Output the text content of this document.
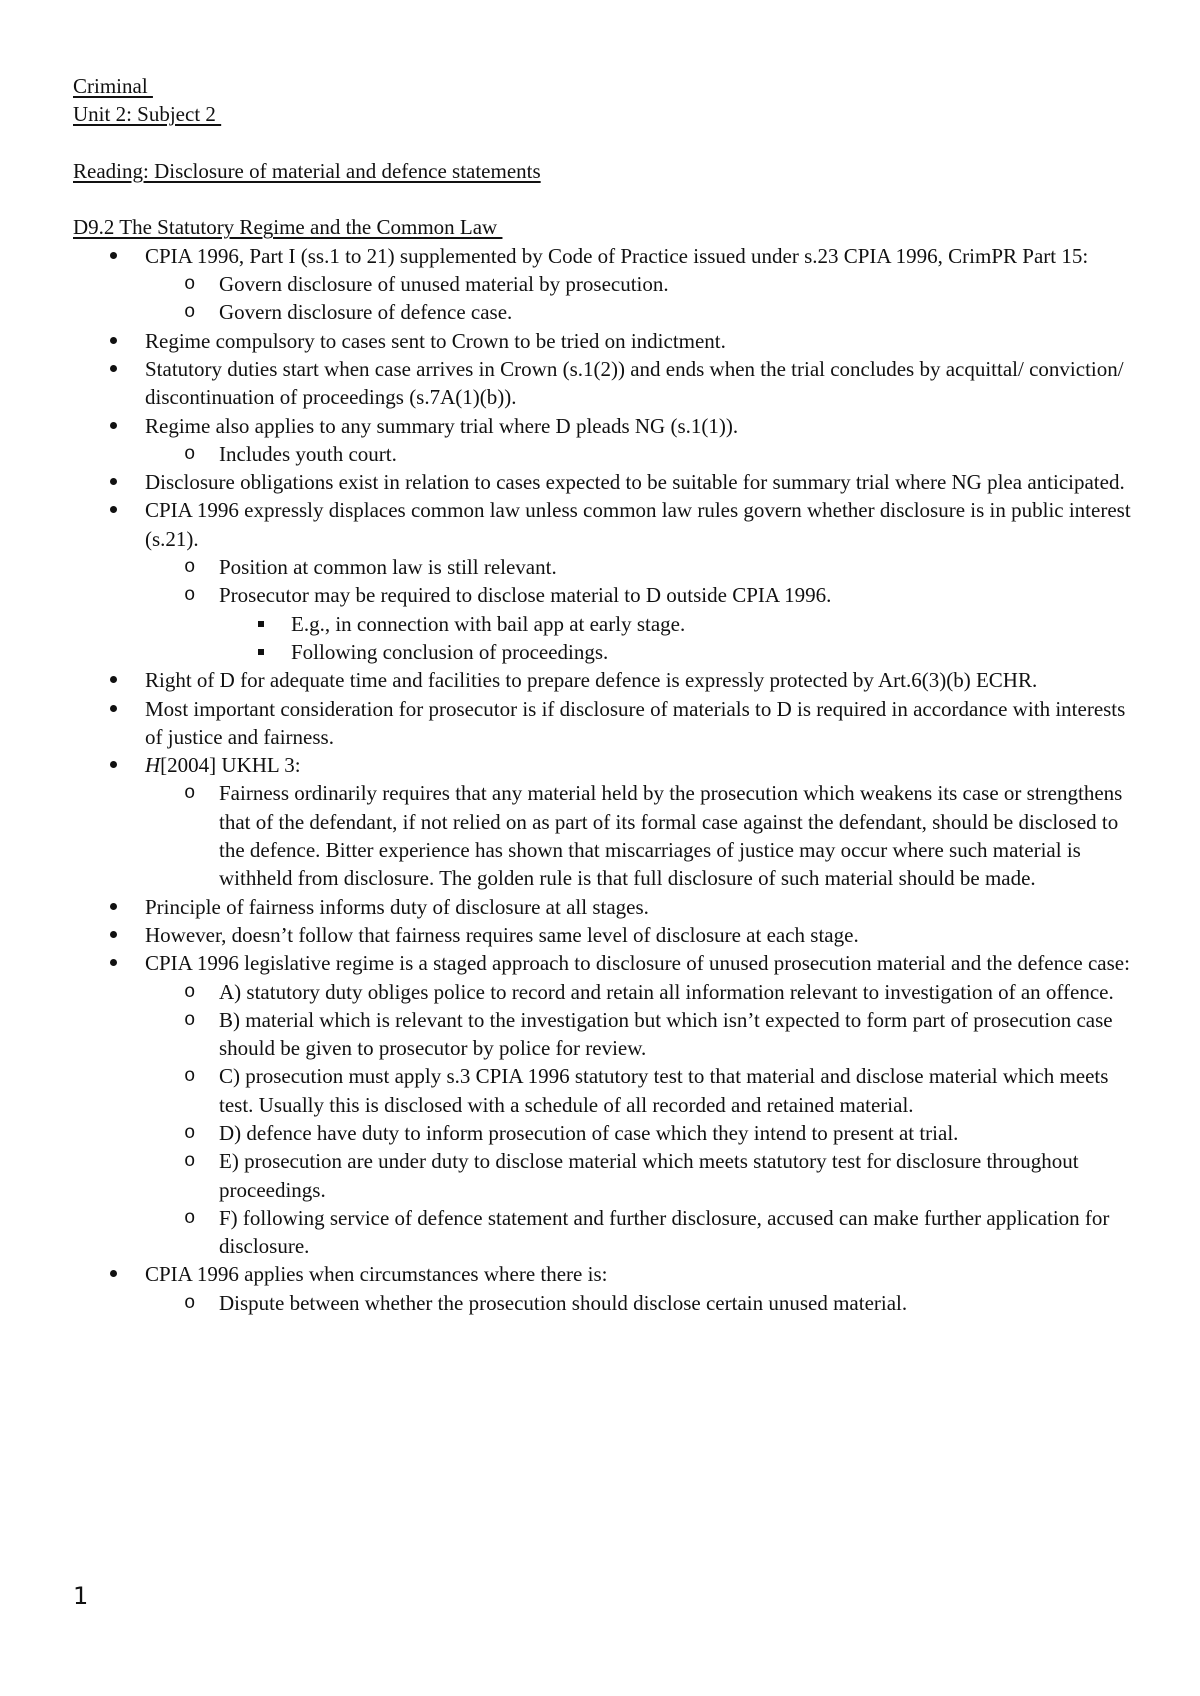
Criminal
Unit 2: Subject 2
Reading: Disclosure of material and defence statements
D9.2 The Statutory Regime and the Common Law
CPIA 1996, Part I (ss.1 to 21) supplemented by Code of Practice issued under s.23 CPIA 1996, CrimPR Part 15:
o Govern disclosure of unused material by prosecution.
o Govern disclosure of defence case.
Regime compulsory to cases sent to Crown to be tried on indictment.
Statutory duties start when case arrives in Crown (s.1(2)) and ends when the trial concludes by acquittal/ conviction/ discontinuation of proceedings (s.7A(1)(b)).
Regime also applies to any summary trial where D pleads NG (s.1(1)).
o Includes youth court.
Disclosure obligations exist in relation to cases expected to be suitable for summary trial where NG plea anticipated.
CPIA 1996 expressly displaces common law unless common law rules govern whether disclosure is in public interest (s.21).
o Position at common law is still relevant.
o Prosecutor may be required to disclose material to D outside CPIA 1996.
E.g., in connection with bail app at early stage.
Following conclusion of proceedings.
Right of D for adequate time and facilities to prepare defence is expressly protected by Art.6(3)(b) ECHR.
Most important consideration for prosecutor is if disclosure of materials to D is required in accordance with interests of justice and fairness.
H[2004] UKHL 3:
o Fairness ordinarily requires that any material held by the prosecution which weakens its case or strengthens that of the defendant, if not relied on as part of its formal case against the defendant, should be disclosed to the defence. Bitter experience has shown that miscarriages of justice may occur where such material is withheld from disclosure. The golden rule is that full disclosure of such material should be made.
Principle of fairness informs duty of disclosure at all stages.
However, doesn’t follow that fairness requires same level of disclosure at each stage.
CPIA 1996 legislative regime is a staged approach to disclosure of unused prosecution material and the defence case:
o A) statutory duty obliges police to record and retain all information relevant to investigation of an offence.
o B) material which is relevant to the investigation but which isn’t expected to form part of prosecution case should be given to prosecutor by police for review.
o C) prosecution must apply s.3 CPIA 1996 statutory test to that material and disclose material which meets test. Usually this is disclosed with a schedule of all recorded and retained material.
o D) defence have duty to inform prosecution of case which they intend to present at trial.
o E) prosecution are under duty to disclose material which meets statutory test for disclosure throughout proceedings.
o F) following service of defence statement and further disclosure, accused can make further application for disclosure.
CPIA 1996 applies when circumstances where there is:
o Dispute between whether the prosecution should disclose certain unused material.
1
